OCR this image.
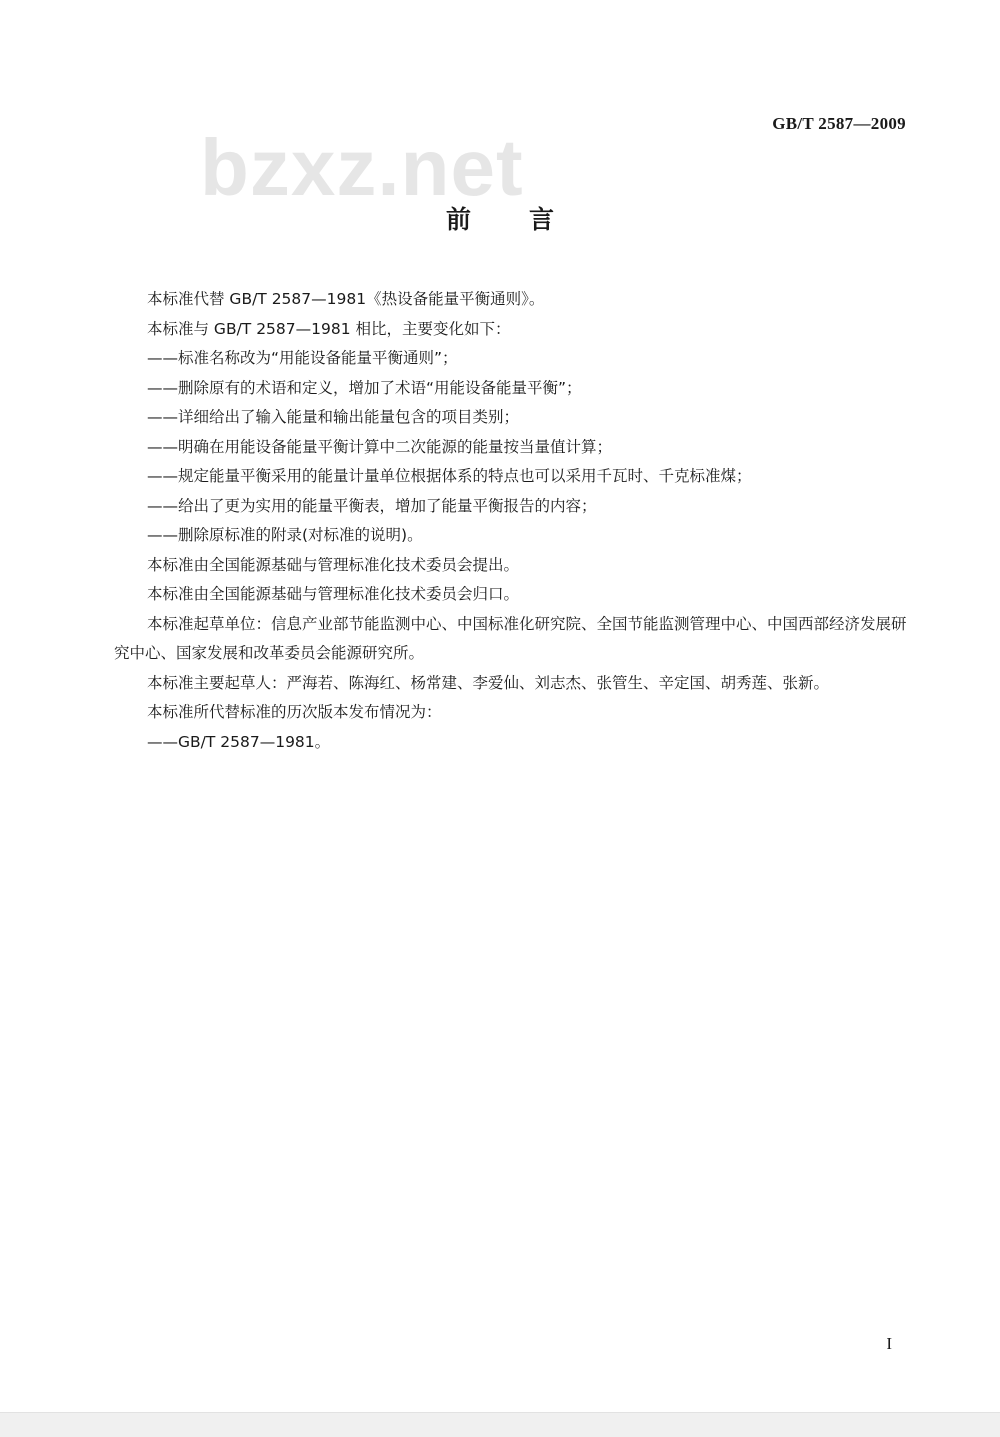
GB/T 2587—2009
bzxz.net
前言

本标准代替 GB/T 2587—1981《热设备能量平衡通则》。

本标准与 GB/T 2587—1981 相比，主要变化如下：

——标准名称改为“用能设备能量平衡通则”；

——删除原有的术语和定义，增加了术语“用能设备能量平衡”；

——详细给出了输入能量和输出能量包含的项目类别；

——明确在用能设备能量平衡计算中二次能源的能量按当量值计算；

——规定能量平衡采用的能量计量单位根据体系的特点也可以采用千瓦时、千克标准煤；

——给出了更为实用的能量平衡表，增加了能量平衡报告的内容；

——删除原标准的附录(对标准的说明)。

本标准由全国能源基础与管理标准化技术委员会提出。

本标准由全国能源基础与管理标准化技术委员会归口。

本标准起草单位：信息产业部节能监测中心、中国标准化研究院、全国节能监测管理中心、中国西部经济发展研究中心、国家发展和改革委员会能源研究所。

本标准主要起草人：严海若、陈海红、杨常建、李爱仙、刘志杰、张管生、辛定国、胡秀莲、张新。

本标准所代替标准的历次版本发布情况为：

——GB/T 2587—1981。

I
